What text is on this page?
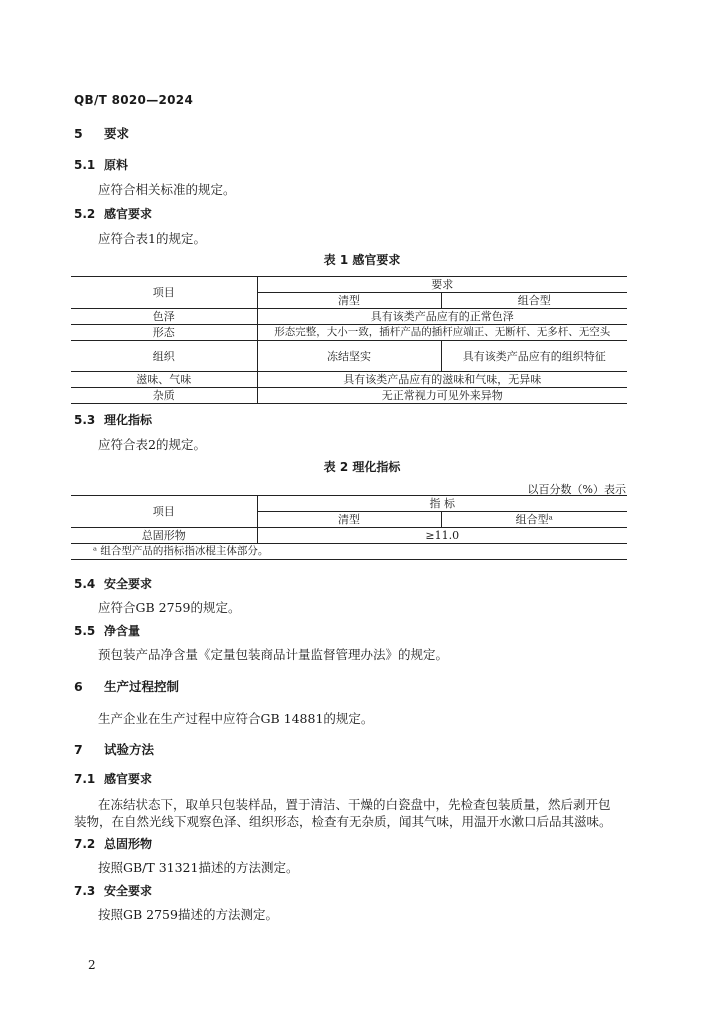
QB/T 8020—2024
5 要求
5.1 原料
应符合相关标准的规定。
5.2 感官要求
应符合表1的规定。
表 1 感官要求
项目	要求	
	清型	组合型
色泽	具有该类产品应有的正常色泽	
形态	形态完整，大小一致，插杆产品的插杆应端正、无断杆、无多杆、无空头	
组织	冻结坚实	具有该类产品应有的组织特征
滋味、气味	具有该类产品应有的滋味和气味，无异味	
杂质	无正常视力可见外来异物	
5.3 理化指标
应符合表2的规定。
表 2 理化指标
以百分数（%）表示
项目	指 标	
	清型	组合型ᵃ
总固形物	≥11.0	
ᵃ 组合型产品的指标指冰棍主体部分。		
5.4 安全要求
应符合GB 2759的规定。
5.5 净含量
预包装产品净含量《定量包装商品计量监督管理办法》的规定。
6 生产过程控制
生产企业在生产过程中应符合GB 14881的规定。
7 试验方法
7.1 感官要求
在冻结状态下，取单只包装样品，置于清洁、干燥的白瓷盘中，先检查包装质量，然后剥开包
装物，在自然光线下观察色泽、组织形态，检查有无杂质，闻其气味，用温开水漱口后品其滋味。
7.2 总固形物
按照GB/T 31321描述的方法测定。
7.3 安全要求
按照GB 2759描述的方法测定。
2
